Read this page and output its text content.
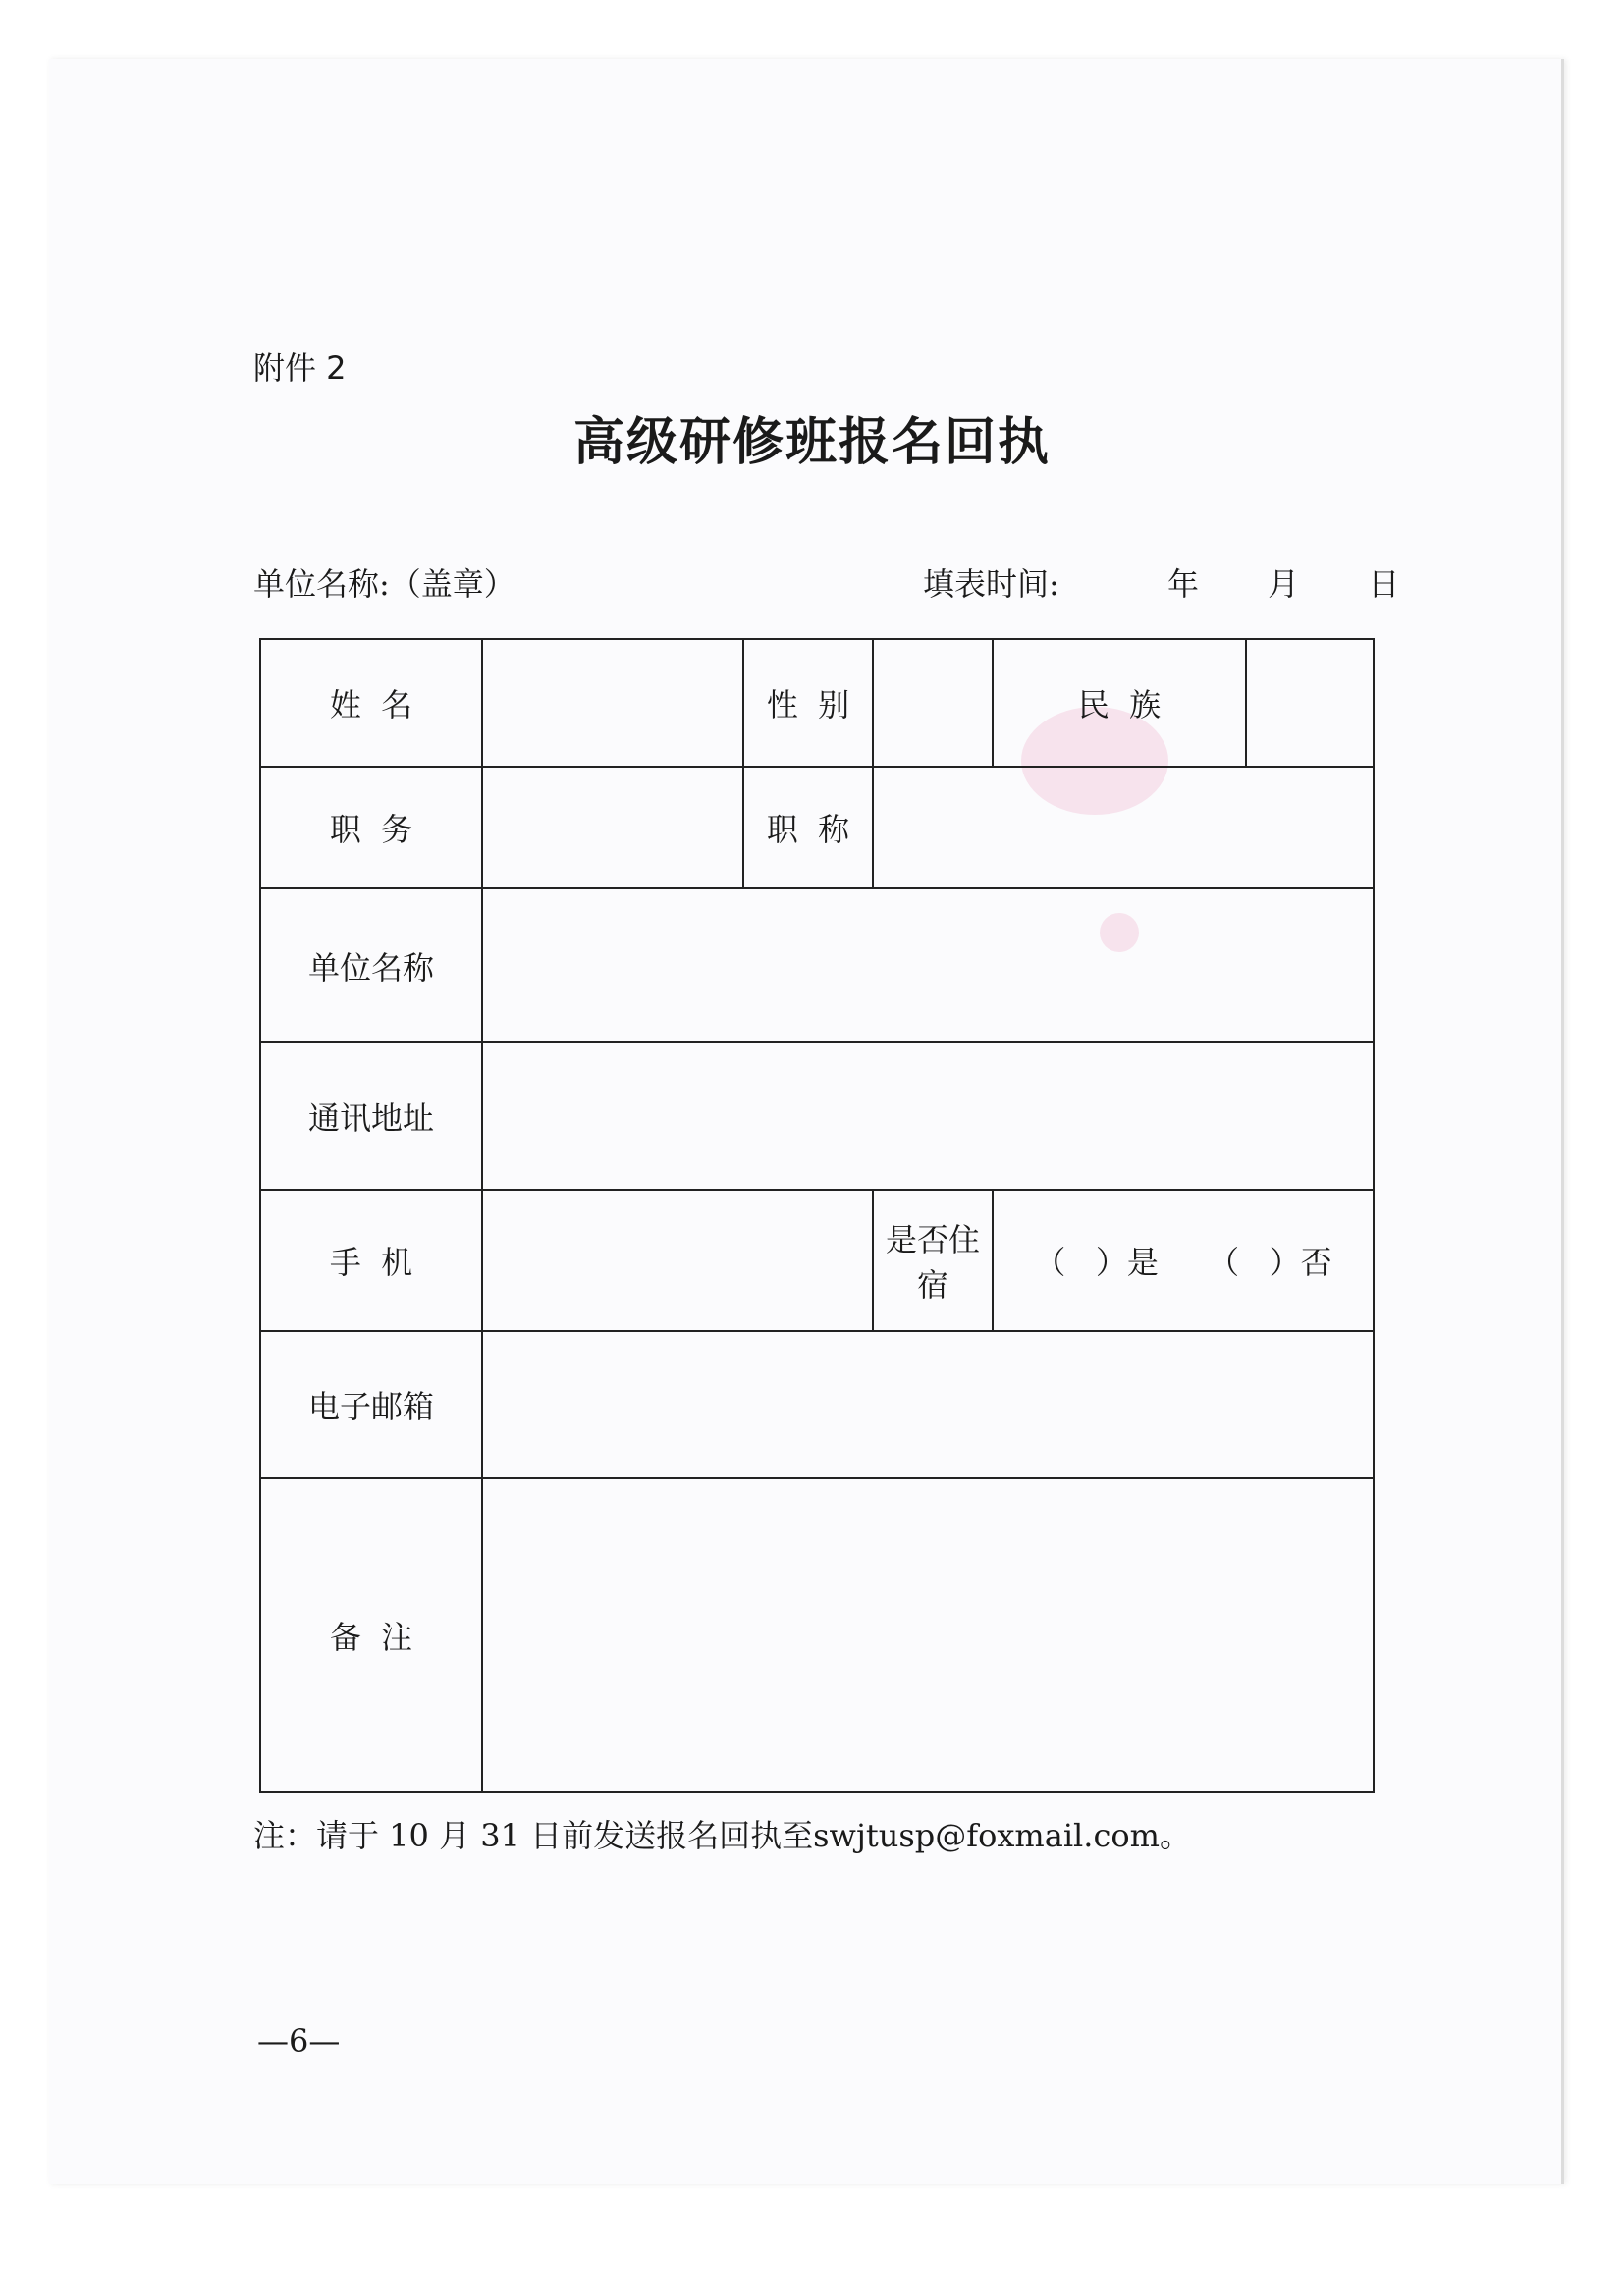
附件 2
高级研修班报名回执
单位名称:（盖章）	填表时间:	年 月 日
姓  名		性  别		民  族	
职  务		职  称			
单位名称					
通讯地址					
手  机			是否住宿	（   ）是 （   ）否	
电子邮箱					
备  注					
注：请于 10 月 31 日前发送报名回执至swjtusp@foxmail.com。
—6—
